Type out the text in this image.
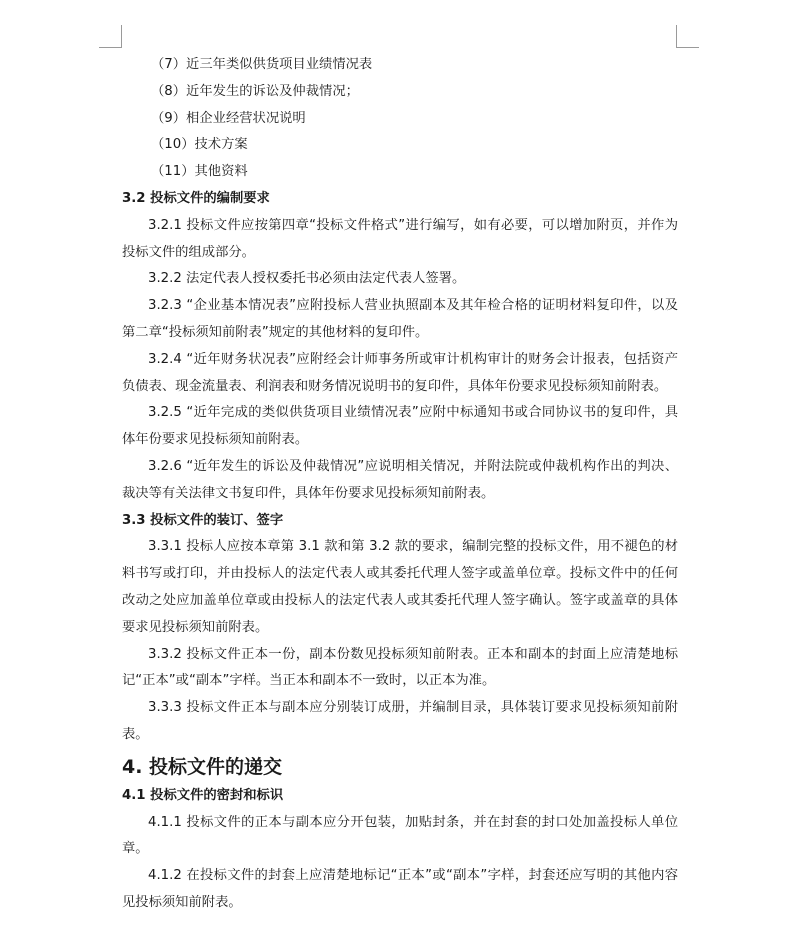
（7）近三年类似供货项目业绩情况表
（8）近年发生的诉讼及仲裁情况；
（9）相企业经营状况说明
（10）技术方案
（11）其他资料
3.2 投标文件的编制要求
3.2.1 投标文件应按第四章“投标文件格式”进行编写，如有必要，可以增加附页，并作为投标文件的组成部分。
3.2.2 法定代表人授权委托书必须由法定代表人签署。
3.2.3 “企业基本情况表”应附投标人营业执照副本及其年检合格的证明材料复印件，以及第二章“投标须知前附表”规定的其他材料的复印件。
3.2.4 “近年财务状况表”应附经会计师事务所或审计机构审计的财务会计报表，包括资产负债表、现金流量表、利润表和财务情况说明书的复印件，具体年份要求见投标须知前附表。
3.2.5 “近年完成的类似供货项目业绩情况表”应附中标通知书或合同协议书的复印件，具体年份要求见投标须知前附表。
3.2.6 “近年发生的诉讼及仲裁情况”应说明相关情况，并附法院或仲裁机构作出的判决、裁决等有关法律文书复印件，具体年份要求见投标须知前附表。
3.3 投标文件的装订、签字
3.3.1 投标人应按本章第 3.1 款和第 3.2 款的要求，编制完整的投标文件，用不褪色的材料书写或打印，并由投标人的法定代表人或其委托代理人签字或盖单位章。投标文件中的任何改动之处应加盖单位章或由投标人的法定代表人或其委托代理人签字确认。签字或盖章的具体要求见投标须知前附表。
3.3.2 投标文件正本一份，副本份数见投标须知前附表。正本和副本的封面上应清楚地标记“正本”或“副本”字样。当正本和副本不一致时，以正本为准。
3.3.3 投标文件正本与副本应分别装订成册，并编制目录，具体装订要求见投标须知前附表。
4. 投标文件的递交
4.1 投标文件的密封和标识
4.1.1 投标文件的正本与副本应分开包装，加贴封条，并在封套的封口处加盖投标人单位章。
4.1.2 在投标文件的封套上应清楚地标记“正本”或“副本”字样，封套还应写明的其他内容见投标须知前附表。
